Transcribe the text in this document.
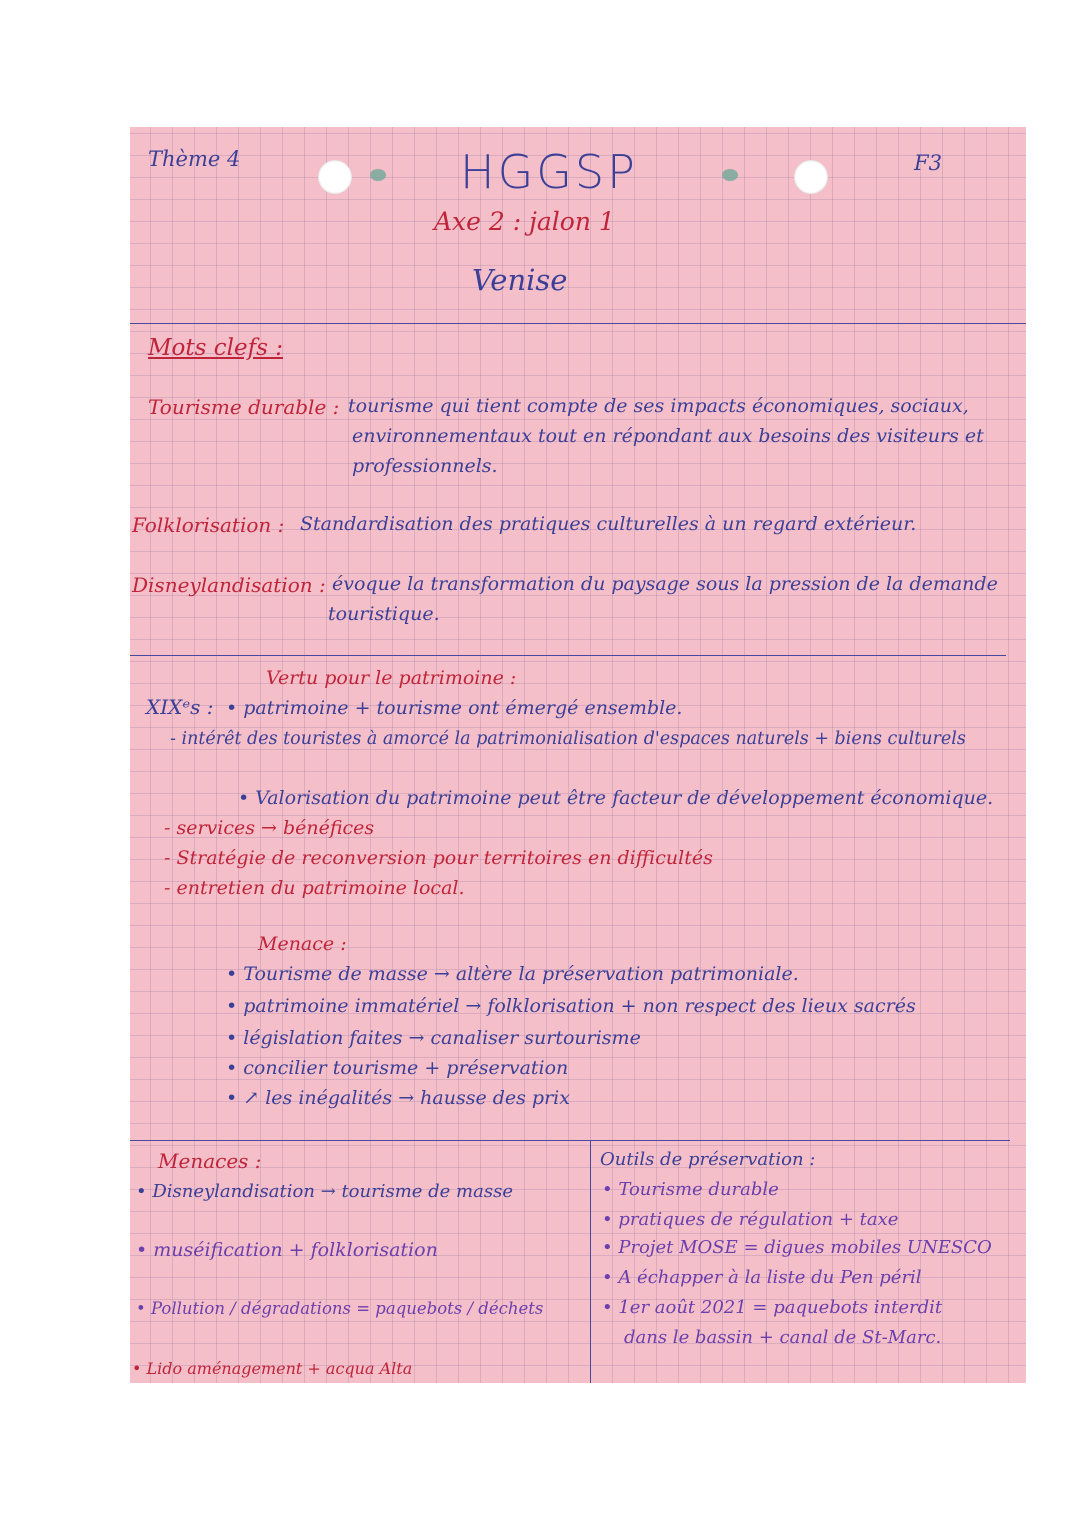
Thème 4	HGGSP	F3
Axe 2 : jalon 1
Venise
Mots clefs :
Tourisme durable : tourisme qui tient compte de ses impacts économiques, sociaux,
environnementaux tout en répondant aux besoins des visiteurs et
professionnels.
Folklorisation : Standardisation des pratiques culturelles à un regard extérieur.
Disneylandisation : évoque la transformation du paysage sous la pression de la demande
touristique.
Vertu pour le patrimoine :
XIXᵉs : • patrimoine + tourisme ont émergé ensemble.
- intérêt des touristes à amorcé la patrimonialisation d'espaces naturels + biens culturels
• Valorisation du patrimoine peut être facteur de développement économique.
- services → bénéfices
- Stratégie de reconversion pour territoires en difficultés
- entretien du patrimoine local.
Menace :
• Tourisme de masse → altère la préservation patrimoniale.
• patrimoine immatériel → folklorisation + non respect des lieux sacrés
• législation faites → canaliser surtourisme
• concilier tourisme + préservation
• ↗ les inégalités → hausse des prix
Menaces :
• Disneylandisation → tourisme de masse
• muséification + folklorisation
• Pollution / dégradations = paquebots / déchets
• Lido aménagement + acqua Alta
Outils de préservation :
• Tourisme durable
• pratiques de régulation + taxe
• Projet MOSE = digues mobiles UNESCO
• A échapper à la liste du Pen péril
• 1er août 2021 = paquebots interdit
dans le bassin + canal de St-Marc.
